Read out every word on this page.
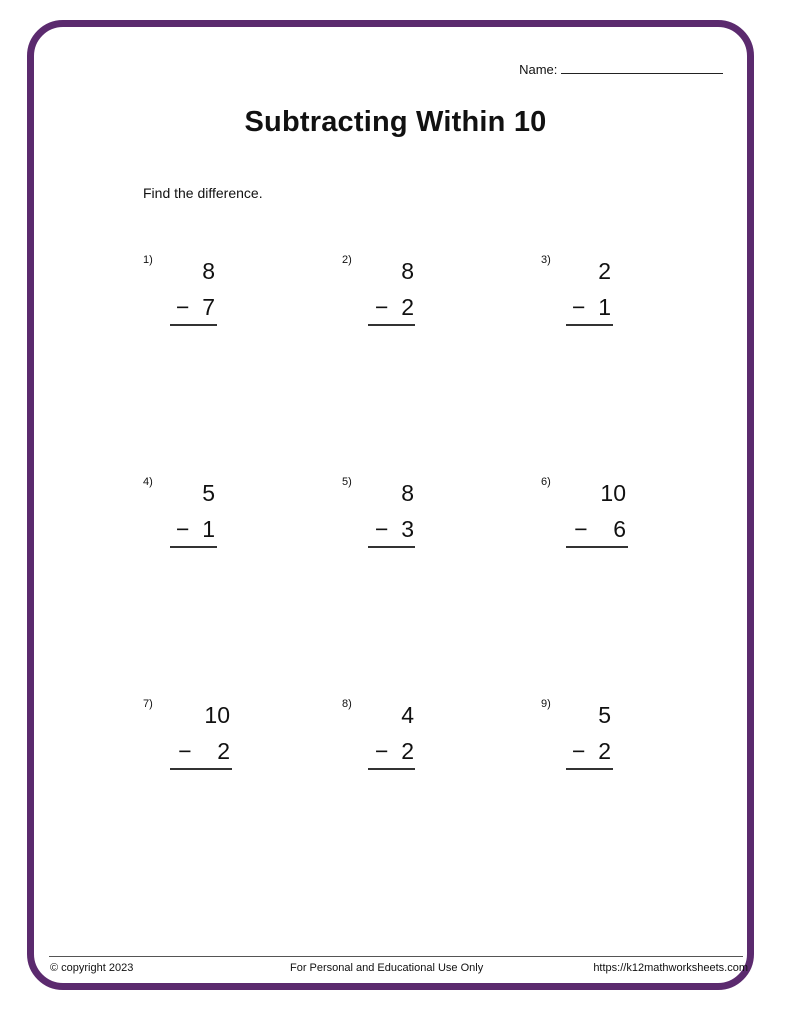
Name:
Subtracting Within 10
Find the difference.
1) 8
−  7
2) 8
−  2
3) 2
−  1
4) 5
−  1
5) 8
−  3
6) 10
−    6
7) 10
−    2
8) 4
−  2
9) 5
−  2
© copyright 2023	For Personal and Educational Use Only	https://k12mathworksheets.com
